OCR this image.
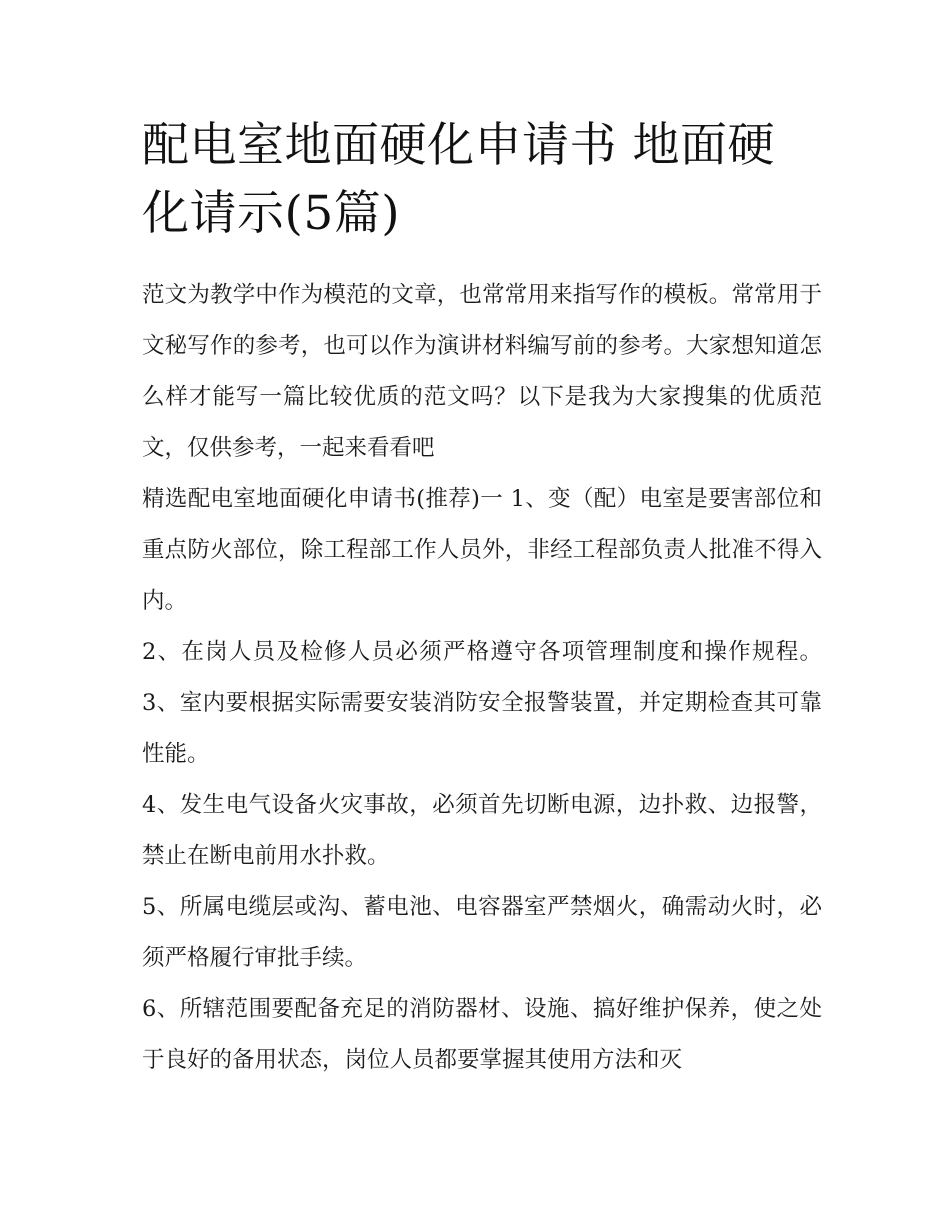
配电室地面硬化申请书 地面硬化请示(5篇)

范文为教学中作为模范的文章，也常常用来指写作的模板。常常用于文秘写作的参考，也可以作为演讲材料编写前的参考。大家想知道怎么样才能写一篇比较优质的范文吗？以下是我为大家搜集的优质范文，仅供参考，一起来看看吧

精选配电室地面硬化申请书(推荐)一 1、变（配）电室是要害部位和重点防火部位，除工程部工作人员外，非经工程部负责人批准不得入内。

2、在岗人员及检修人员必须严格遵守各项管理制度和操作规程。 3、室内要根据实际需要安装消防安全报警装置，并定期检查其可靠性能。

4、发生电气设备火灾事故，必须首先切断电源，边扑救、边报警，禁止在断电前用水扑救。

5、所属电缆层或沟、蓄电池、电容器室严禁烟火，确需动火时，必须严格履行审批手续。

6、所辖范围要配备充足的消防器材、设施、搞好维护保养，使之处于良好的备用状态，岗位人员都要掌握其使用方法和灭
